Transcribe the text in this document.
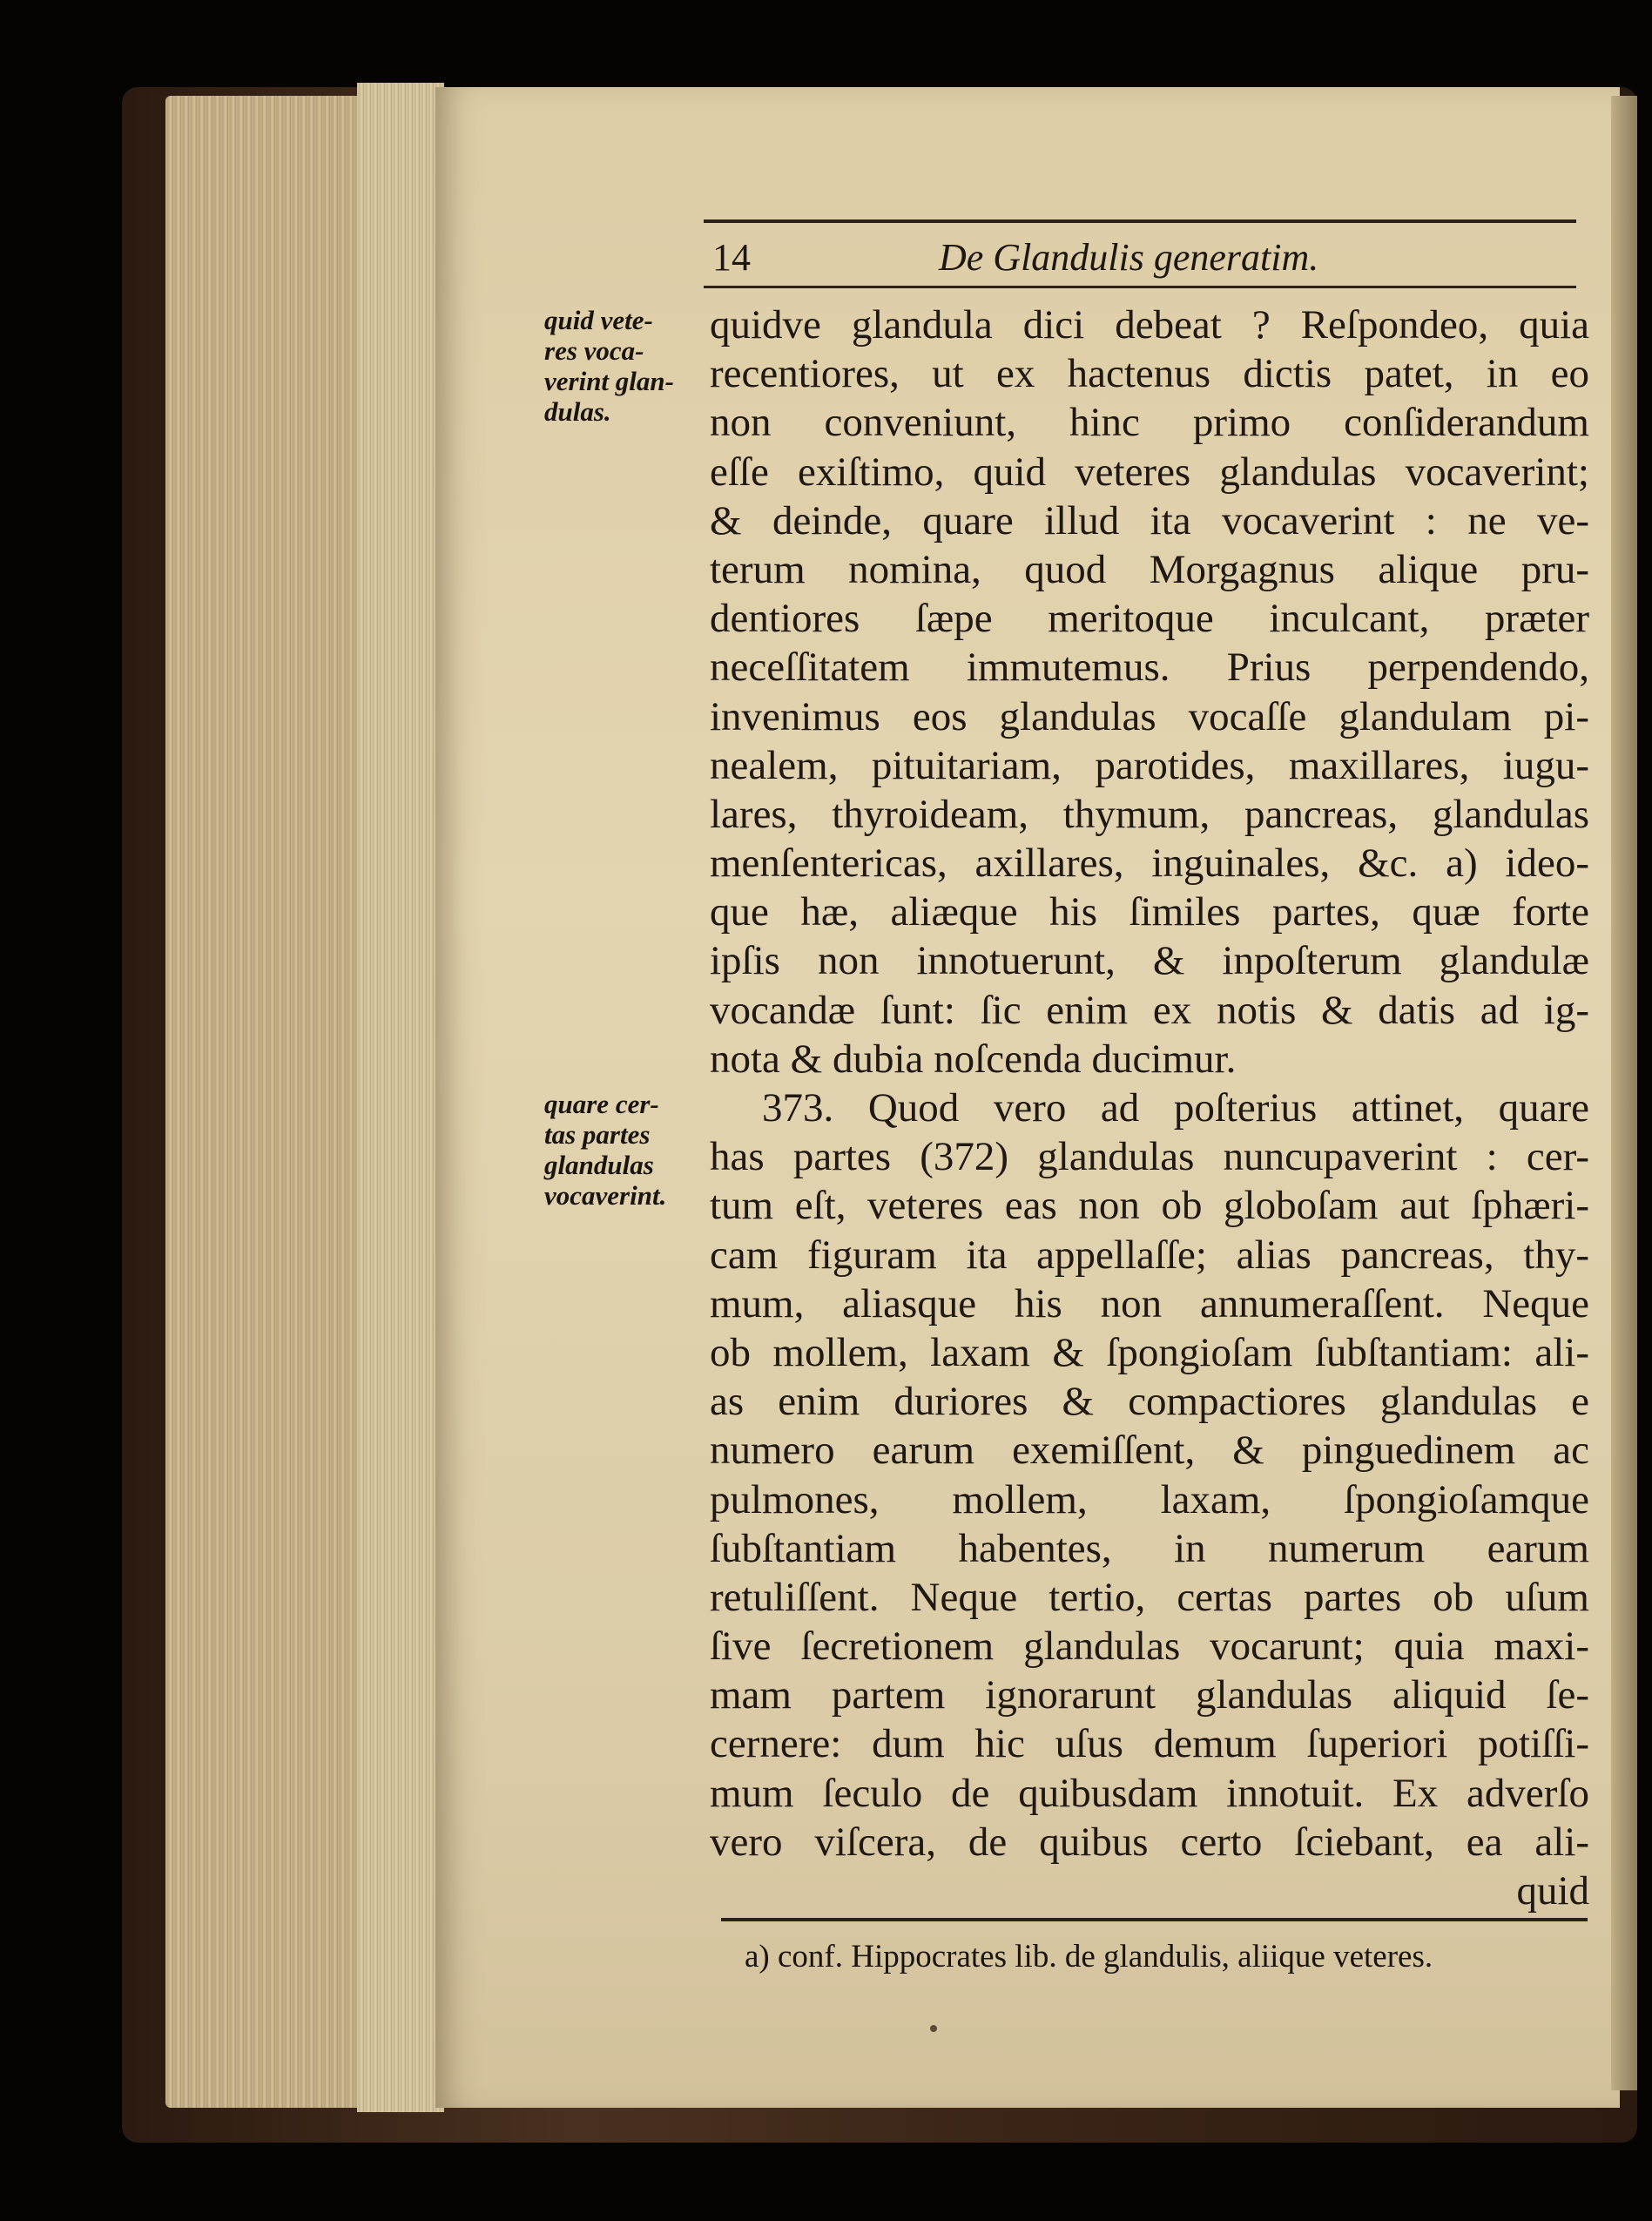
14	De Glandulis generatim.
quid vete-
res voca-
verint glan-
dulas.
quare cer-
tas partes
glandulas
vocaverint.
quidve glandula dici debeat ? Reſpondeo, quia
recentiores, ut ex hactenus dictis patet, in eo
non conveniunt, hinc primo conſiderandum
eſſe exiſtimo, quid veteres glandulas vocaverint;
& deinde, quare illud ita vocaverint : ne ve-
terum nomina, quod Morgagnus alique pru-
dentiores ſæpe meritoque inculcant, præter
neceſſitatem immutemus. Prius perpendendo,
invenimus eos glandulas vocaſſe glandulam pi-
nealem, pituitariam, parotides, maxillares, iugu-
lares, thyroideam, thymum, pancreas, glandulas
menſentericas, axillares, inguinales, &c. a) ideo-
que hæ, aliæque his ſimiles partes, quæ forte
ipſis non innotuerunt, & inpoſterum glandulæ
vocandæ ſunt: ſic enim ex notis & datis ad ig-
nota & dubia noſcenda ducimur.
373. Quod vero ad poſterius attinet, quare
has partes (372) glandulas nuncupaverint : cer-
tum eſt, veteres eas non ob globoſam aut ſphæri-
cam figuram ita appellaſſe; alias pancreas, thy-
mum, aliasque his non annumeraſſent. Neque
ob mollem, laxam & ſpongioſam ſubſtantiam: ali-
as enim duriores & compactiores glandulas e
numero earum exemiſſent, & pinguedinem ac
pulmones, mollem, laxam, ſpongioſamque
ſubſtantiam habentes, in numerum earum
retuliſſent. Neque tertio, certas partes ob uſum
ſive ſecretionem glandulas vocarunt; quia maxi-
mam partem ignorarunt glandulas aliquid ſe-
cernere: dum hic uſus demum ſuperiori potiſſi-
mum ſeculo de quibusdam innotuit. Ex adverſo
vero viſcera, de quibus certo ſciebant, ea ali-
quid
a) conf. Hippocrates lib. de glandulis, aliique veteres.
